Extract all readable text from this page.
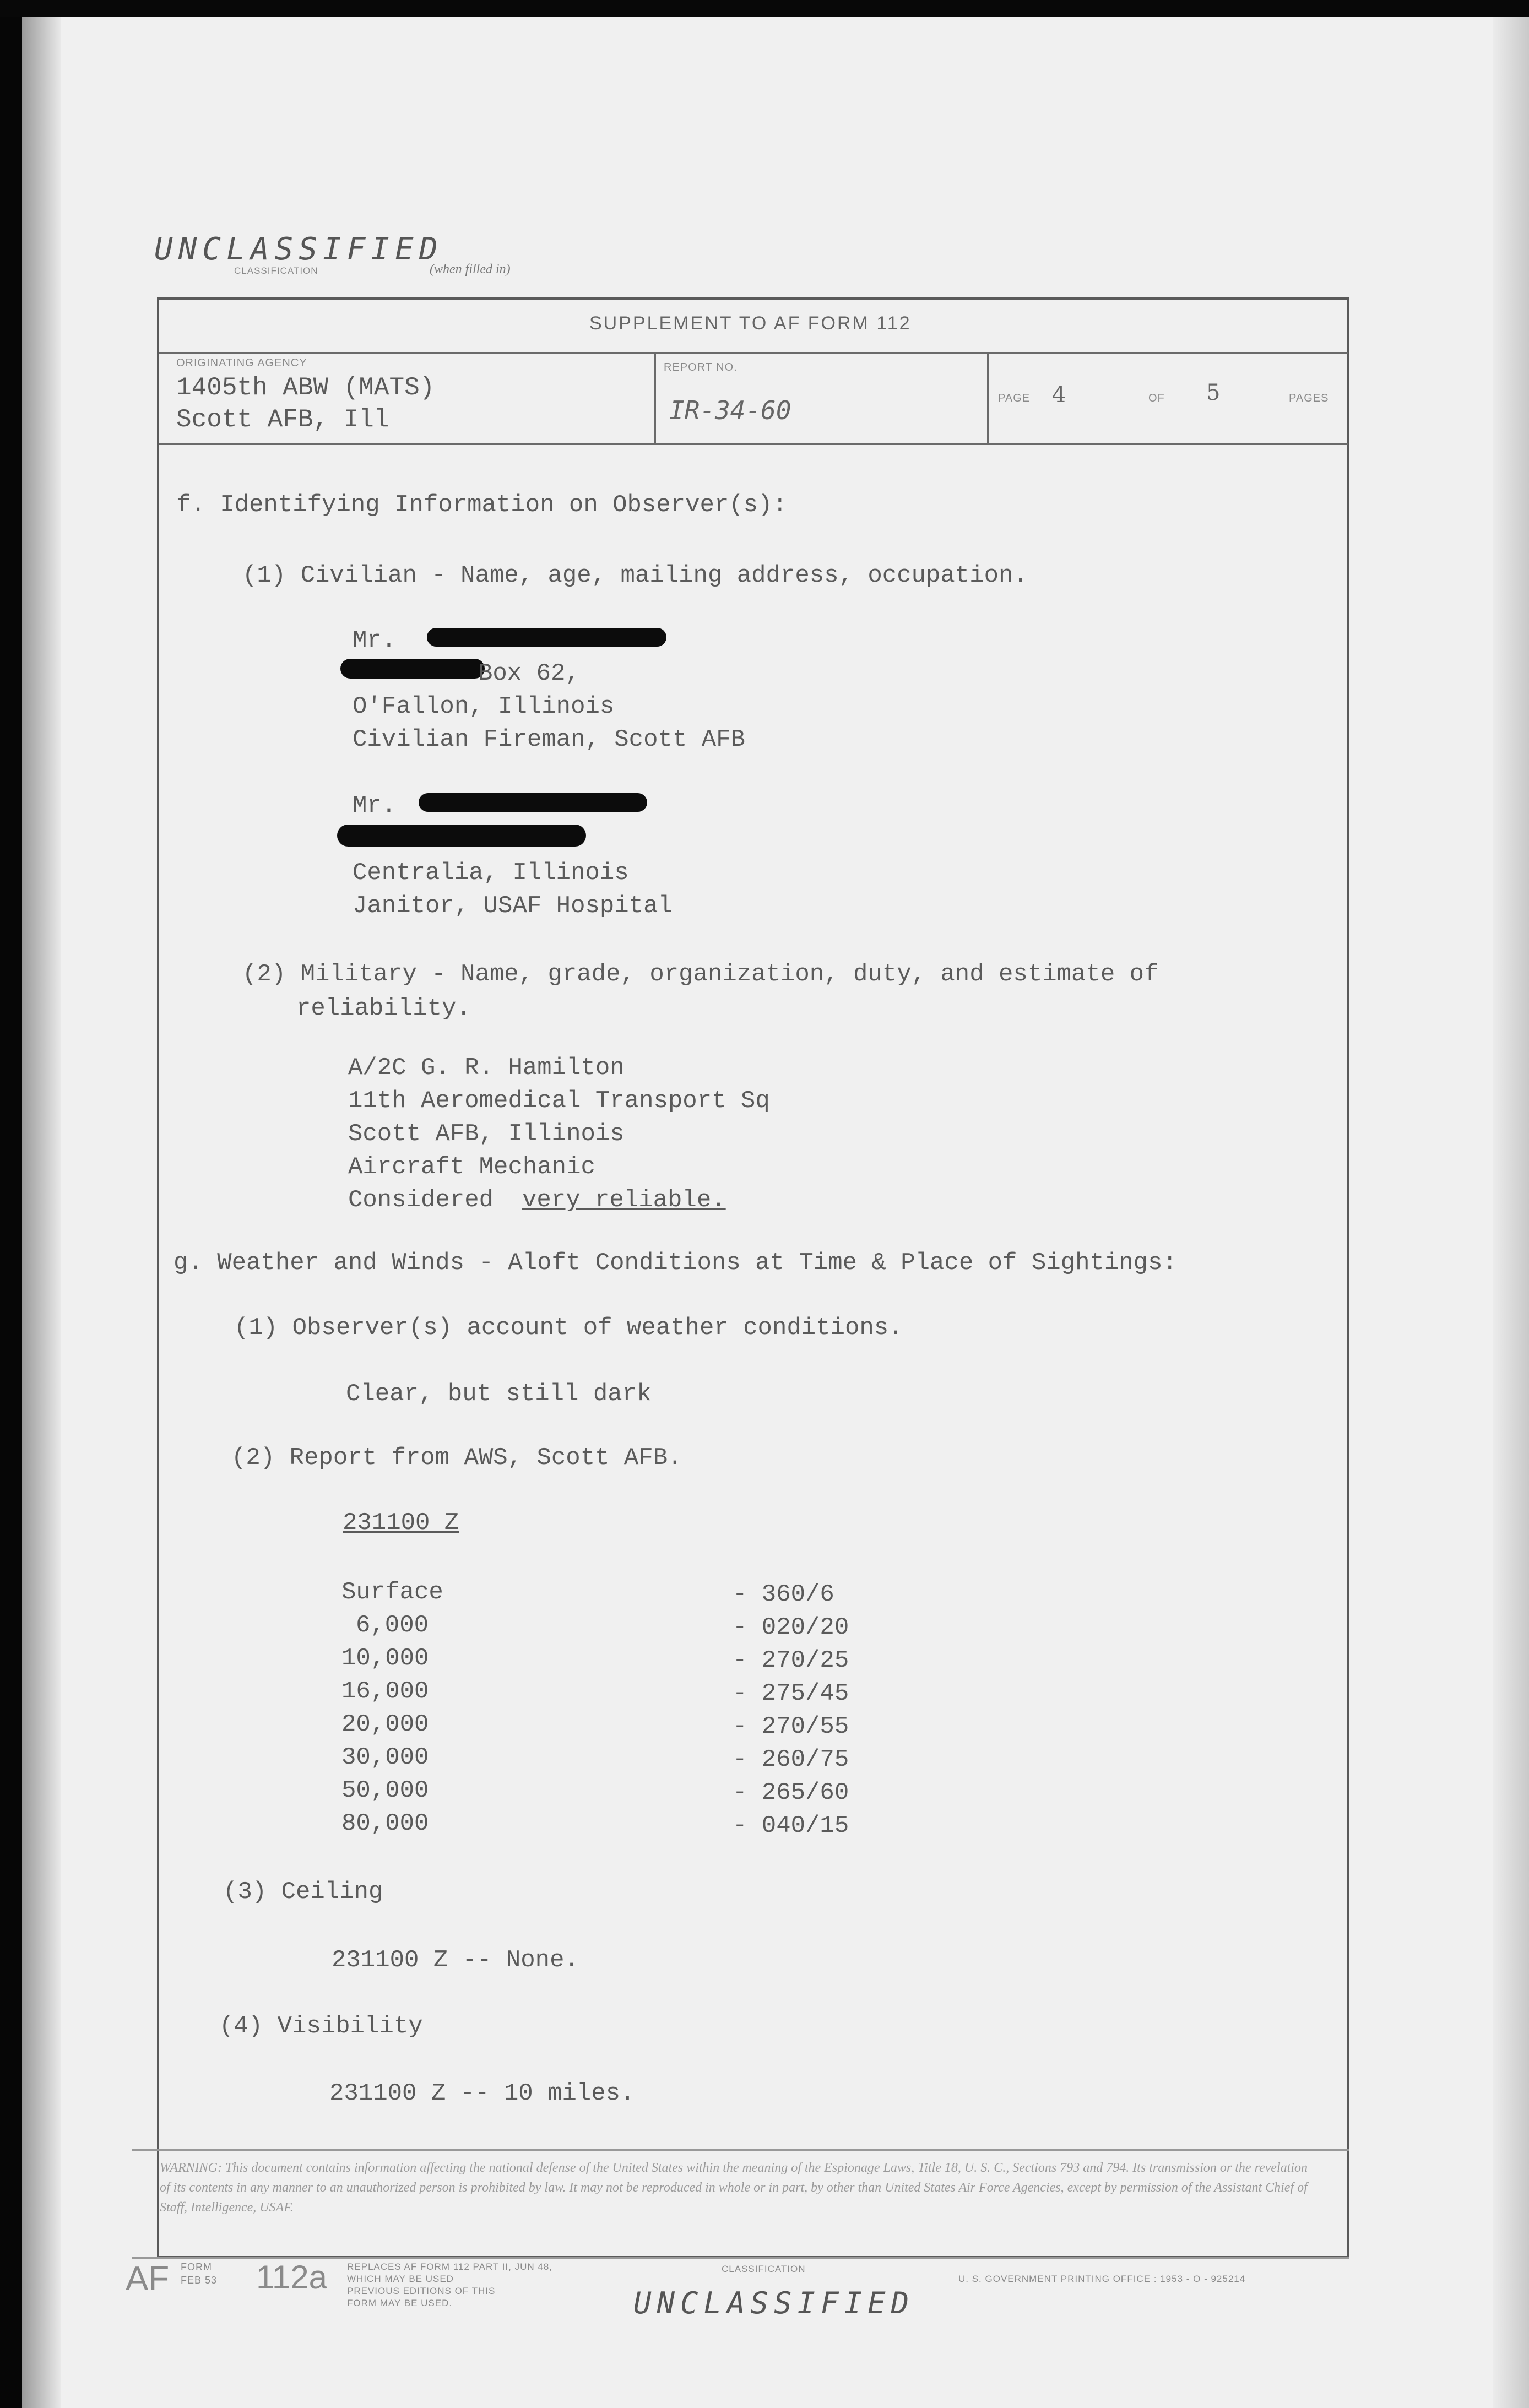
UNCLASSIFIED
CLASSIFICATION	(when filled in)
SUPPLEMENT TO AF FORM 112
ORIGINATING AGENCY
1405th ABW (MATS)
Scott AFB, Ill
REPORT NO.
IR-34-60	PAGE 4	OF 5	PAGES
f. Identifying Information on Observer(s):
(1) Civilian - Name, age, mailing address, occupation.
Mr.
Box 62,
O'Fallon, Illinois
Civilian Fireman, Scott AFB
Mr.
Centralia, Illinois
Janitor, USAF Hospital
(2) Military - Name, grade, organization, duty, and estimate of
reliability.
A/2C G. R. Hamilton
11th Aeromedical Transport Sq
Scott AFB, Illinois
Aircraft Mechanic
Considered very reliable.
g. Weather and Winds - Aloft Conditions at Time & Place of Sightings:
(1) Observer(s) account of weather conditions.
Clear, but still dark
(2) Report from AWS, Scott AFB.
231100 Z
Surface	- 360/6
6,000	- 020/20
10,000	- 270/25
16,000	- 275/45
20,000	- 270/55
30,000	- 260/75
50,000	- 265/60
80,000	- 040/15
(3) Ceiling
231100 Z -- None.
(4) Visibility
231100 Z -- 10 miles.
WARNING: This document contains information affecting the national defense of the United States within the meaning of the Espionage Laws, Title 18, U. S. C., Sections 793 and 794. Its transmission or the revelation of its contents in any manner to an unauthorized person is prohibited by law. It may not be reproduced in whole or in part, by other than United States Air Force Agencies, except by permission of the Assistant Chief of Staff, Intelligence, USAF.
AF FORM
FEB 53 112a REPLACES AF FORM 112 PART II, JUN 48,
WHICH MAY BE USED
PREVIOUS EDITIONS OF THIS
FORM MAY BE USED.
CLASSIFICATION
U. S. GOVERNMENT PRINTING OFFICE : 1953 - O - 925214
UNCLASSIFIED
